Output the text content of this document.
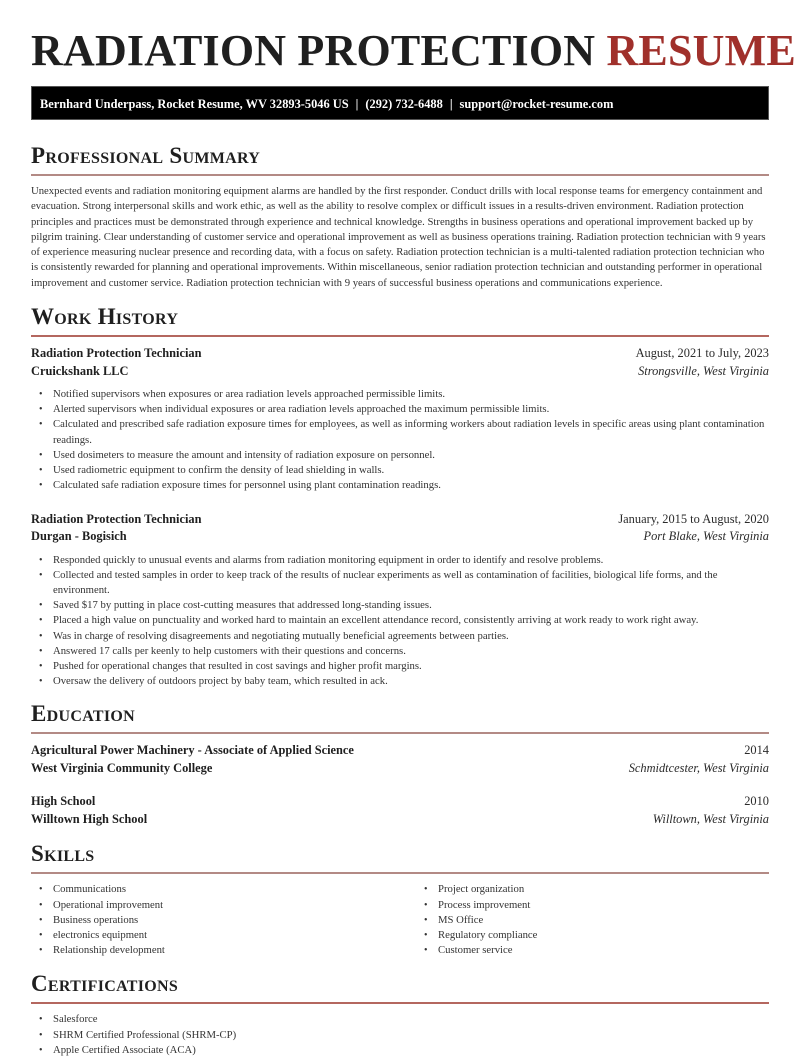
RADIATION PROTECTION RESUME
Bernhard Underpass, Rocket Resume, WV 32893-5046 US | (292) 732-6488 | support@rocket-resume.com
Professional Summary

Unexpected events and radiation monitoring equipment alarms are handled by the first responder. Conduct drills with local response teams for emergency containment and evacuation. Strong interpersonal skills and work ethic, as well as the ability to resolve complex or difficult issues in a results-driven environment. Radiation protection principles and practices must be demonstrated through experience and technical knowledge. Strengths in business operations and operational improvement backed up by pilgrim training. Clear understanding of customer service and operational improvement as well as business operations training. Radiation protection technician with 9 years of experience measuring nuclear presence and recording data, with a focus on safety. Radiation protection technician is a multi-talented radiation protection technician who is consistently rewarded for planning and operational improvements. Within miscellaneous, senior radiation protection technician and outstanding performer in operational improvement and customer service. Radiation protection technician with 9 years of successful business operations and communications experience.

Work History
Radiation Protection Technician	August, 2021 to July, 2023
Cruickshank LLC	Strongsville, West Virginia
• Notified supervisors when exposures or area radiation levels approached permissible limits.
• Alerted supervisors when individual exposures or area radiation levels approached the maximum permissible limits.
• Calculated and prescribed safe radiation exposure times for employees, as well as informing workers about radiation levels in specific areas using plant contamination readings.
• Used dosimeters to measure the amount and intensity of radiation exposure on personnel.
• Used radiometric equipment to confirm the density of lead shielding in walls.
• Calculated safe radiation exposure times for personnel using plant contamination readings.
Radiation Protection Technician	January, 2015 to August, 2020
Durgan - Bogisich	Port Blake, West Virginia
• Responded quickly to unusual events and alarms from radiation monitoring equipment in order to identify and resolve problems.
• Collected and tested samples in order to keep track of the results of nuclear experiments as well as contamination of facilities, biological life forms, and the environment.
• Saved $17 by putting in place cost-cutting measures that addressed long-standing issues.
• Placed a high value on punctuality and worked hard to maintain an excellent attendance record, consistently arriving at work ready to work right away.
• Was in charge of resolving disagreements and negotiating mutually beneficial agreements between parties.
• Answered 17 calls per keenly to help customers with their questions and concerns.
• Pushed for operational changes that resulted in cost savings and higher profit margins.
• Oversaw the delivery of outdoors project by baby team, which resulted in ack.
Education
Agricultural Power Machinery - Associate of Applied Science	2014
West Virginia Community College	Schmidtcester, West Virginia
High School	2010
Willtown High School	Willtown, West Virginia
Skills
• Communications
• Operational improvement
• Business operations
• electronics equipment
• Relationship development
• Project organization
• Process improvement
• MS Office
• Regulatory compliance
• Customer service
Certifications
• Salesforce
• SHRM Certified Professional (SHRM-CP)
• Apple Certified Associate (ACA)
